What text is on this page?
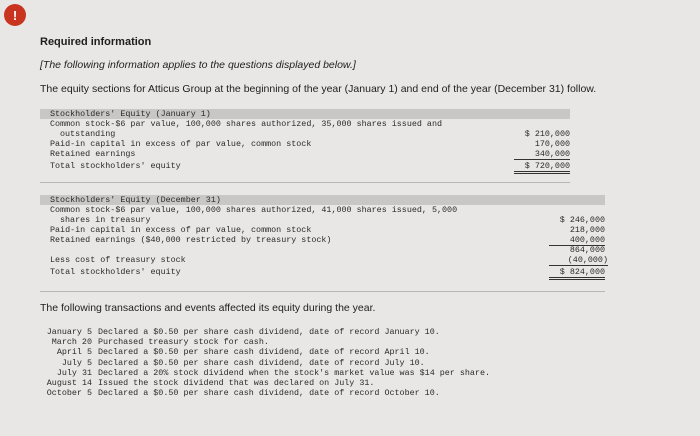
!
Required information
[The following information applies to the questions displayed below.]
The equity sections for Atticus Group at the beginning of the year (January 1) and end of the year (December 31) follow.
Stockholders' Equity (January 1)
Common stock-$6 par value, 100,000 shares authorized, 35,000 shares issued and
outstanding	$ 210,000
Paid-in capital in excess of par value, common stock	170,000
Retained earnings	340,000
Total stockholders' equity	$ 720,000
Stockholders' Equity (December 31)
Common stock-$6 par value, 100,000 shares authorized, 41,000 shares issued, 5,000
shares in treasury	$ 246,000
Paid-in capital in excess of par value, common stock	218,000
Retained earnings ($40,000 restricted by treasury stock)	400,000
864,000
Less cost of treasury stock	(40,000)
Total stockholders' equity	$ 824,000
The following transactions and events affected its equity during the year.
January 5 Declared a $0.50 per share cash dividend, date of record January 10.
March 20 Purchased treasury stock for cash.
April 5 Declared a $0.50 per share cash dividend, date of record April 10.
July 5 Declared a $0.50 per share cash dividend, date of record July 10.
July 31 Declared a 20% stock dividend when the stock's market value was $14 per share.
August 14 Issued the stock dividend that was declared on July 31.
October 5 Declared a $0.50 per share cash dividend, date of record October 10.
